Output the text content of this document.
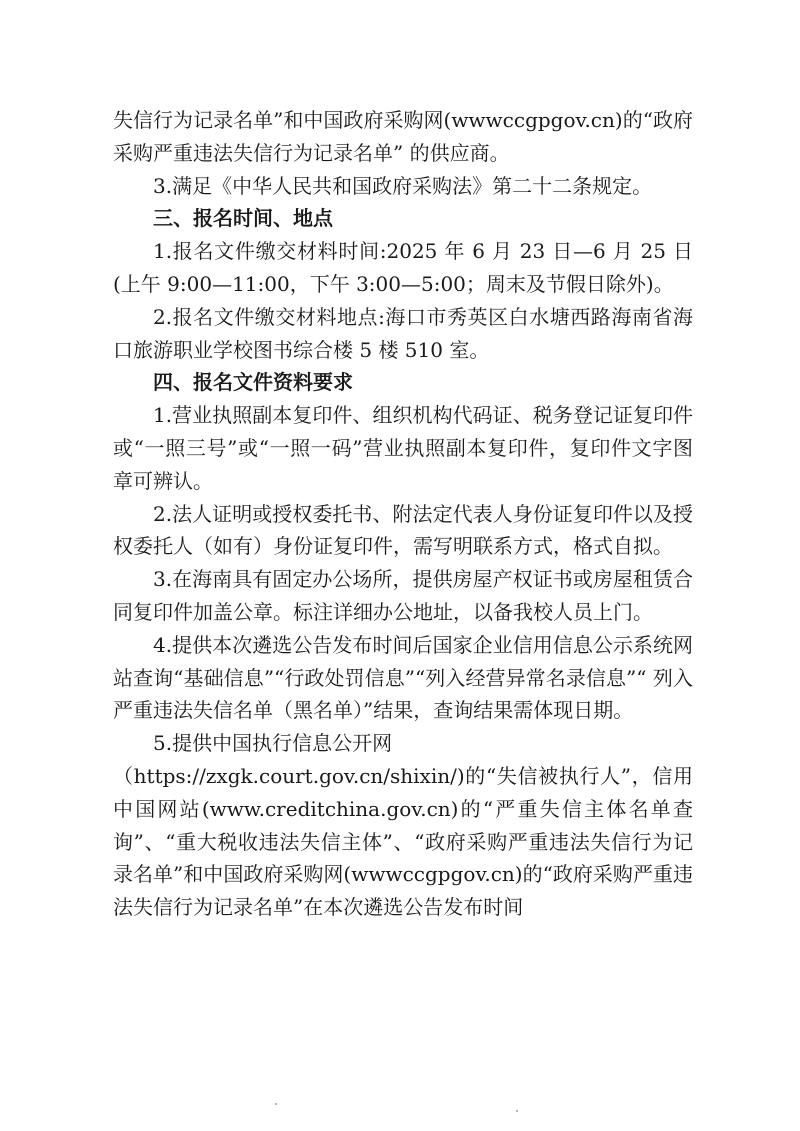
失信行为记录名单”和中国政府采购网(wwwccgpgov.cn)的“政府采购严重违法失信行为记录名单” 的供应商。

3.满足《中华人民共和国政府采购法》第二十二条规定。

三、报名时间、地点

1.报名文件缴交材料时间:2025 年 6 月 23 日—6 月 25 日(上午 9:00—11:00，下午 3:00—5:00；周末及节假日除外)。

2.报名文件缴交材料地点:海口市秀英区白水塘西路海南省海口旅游职业学校图书综合楼 5 楼 510 室。

四、报名文件资料要求

1.营业执照副本复印件、组织机构代码证、税务登记证复印件或“一照三号”或“一照一码”营业执照副本复印件，复印件文字图章可辨认。

2.法人证明或授权委托书、附法定代表人身份证复印件以及授权委托人（如有）身份证复印件，需写明联系方式，格式自拟。

3.在海南具有固定办公场所，提供房屋产权证书或房屋租赁合同复印件加盖公章。标注详细办公地址，以备我校人员上门。

4.提供本次遴选公告发布时间后国家企业信用信息公示系统网站查询“基础信息”“行政处罚信息”“列入经营异常名录信息”“ 列入严重违法失信名单（黑名单）”结果，查询结果需体现日期。

5.提供中国执行信息公开网

（https://zxgk.court.gov.cn/shixin/)的“失信被执行人”，信用中国网站(www.creditchina.gov.cn)的“严重失信主体名单查询”、“重大税收违法失信主体”、“政府采购严重违法失信行为记录名单”和中国政府采购网(wwwccgpgov.cn)的“政府采购严重违法失信行为记录名单”在本次遴选公告发布时间
